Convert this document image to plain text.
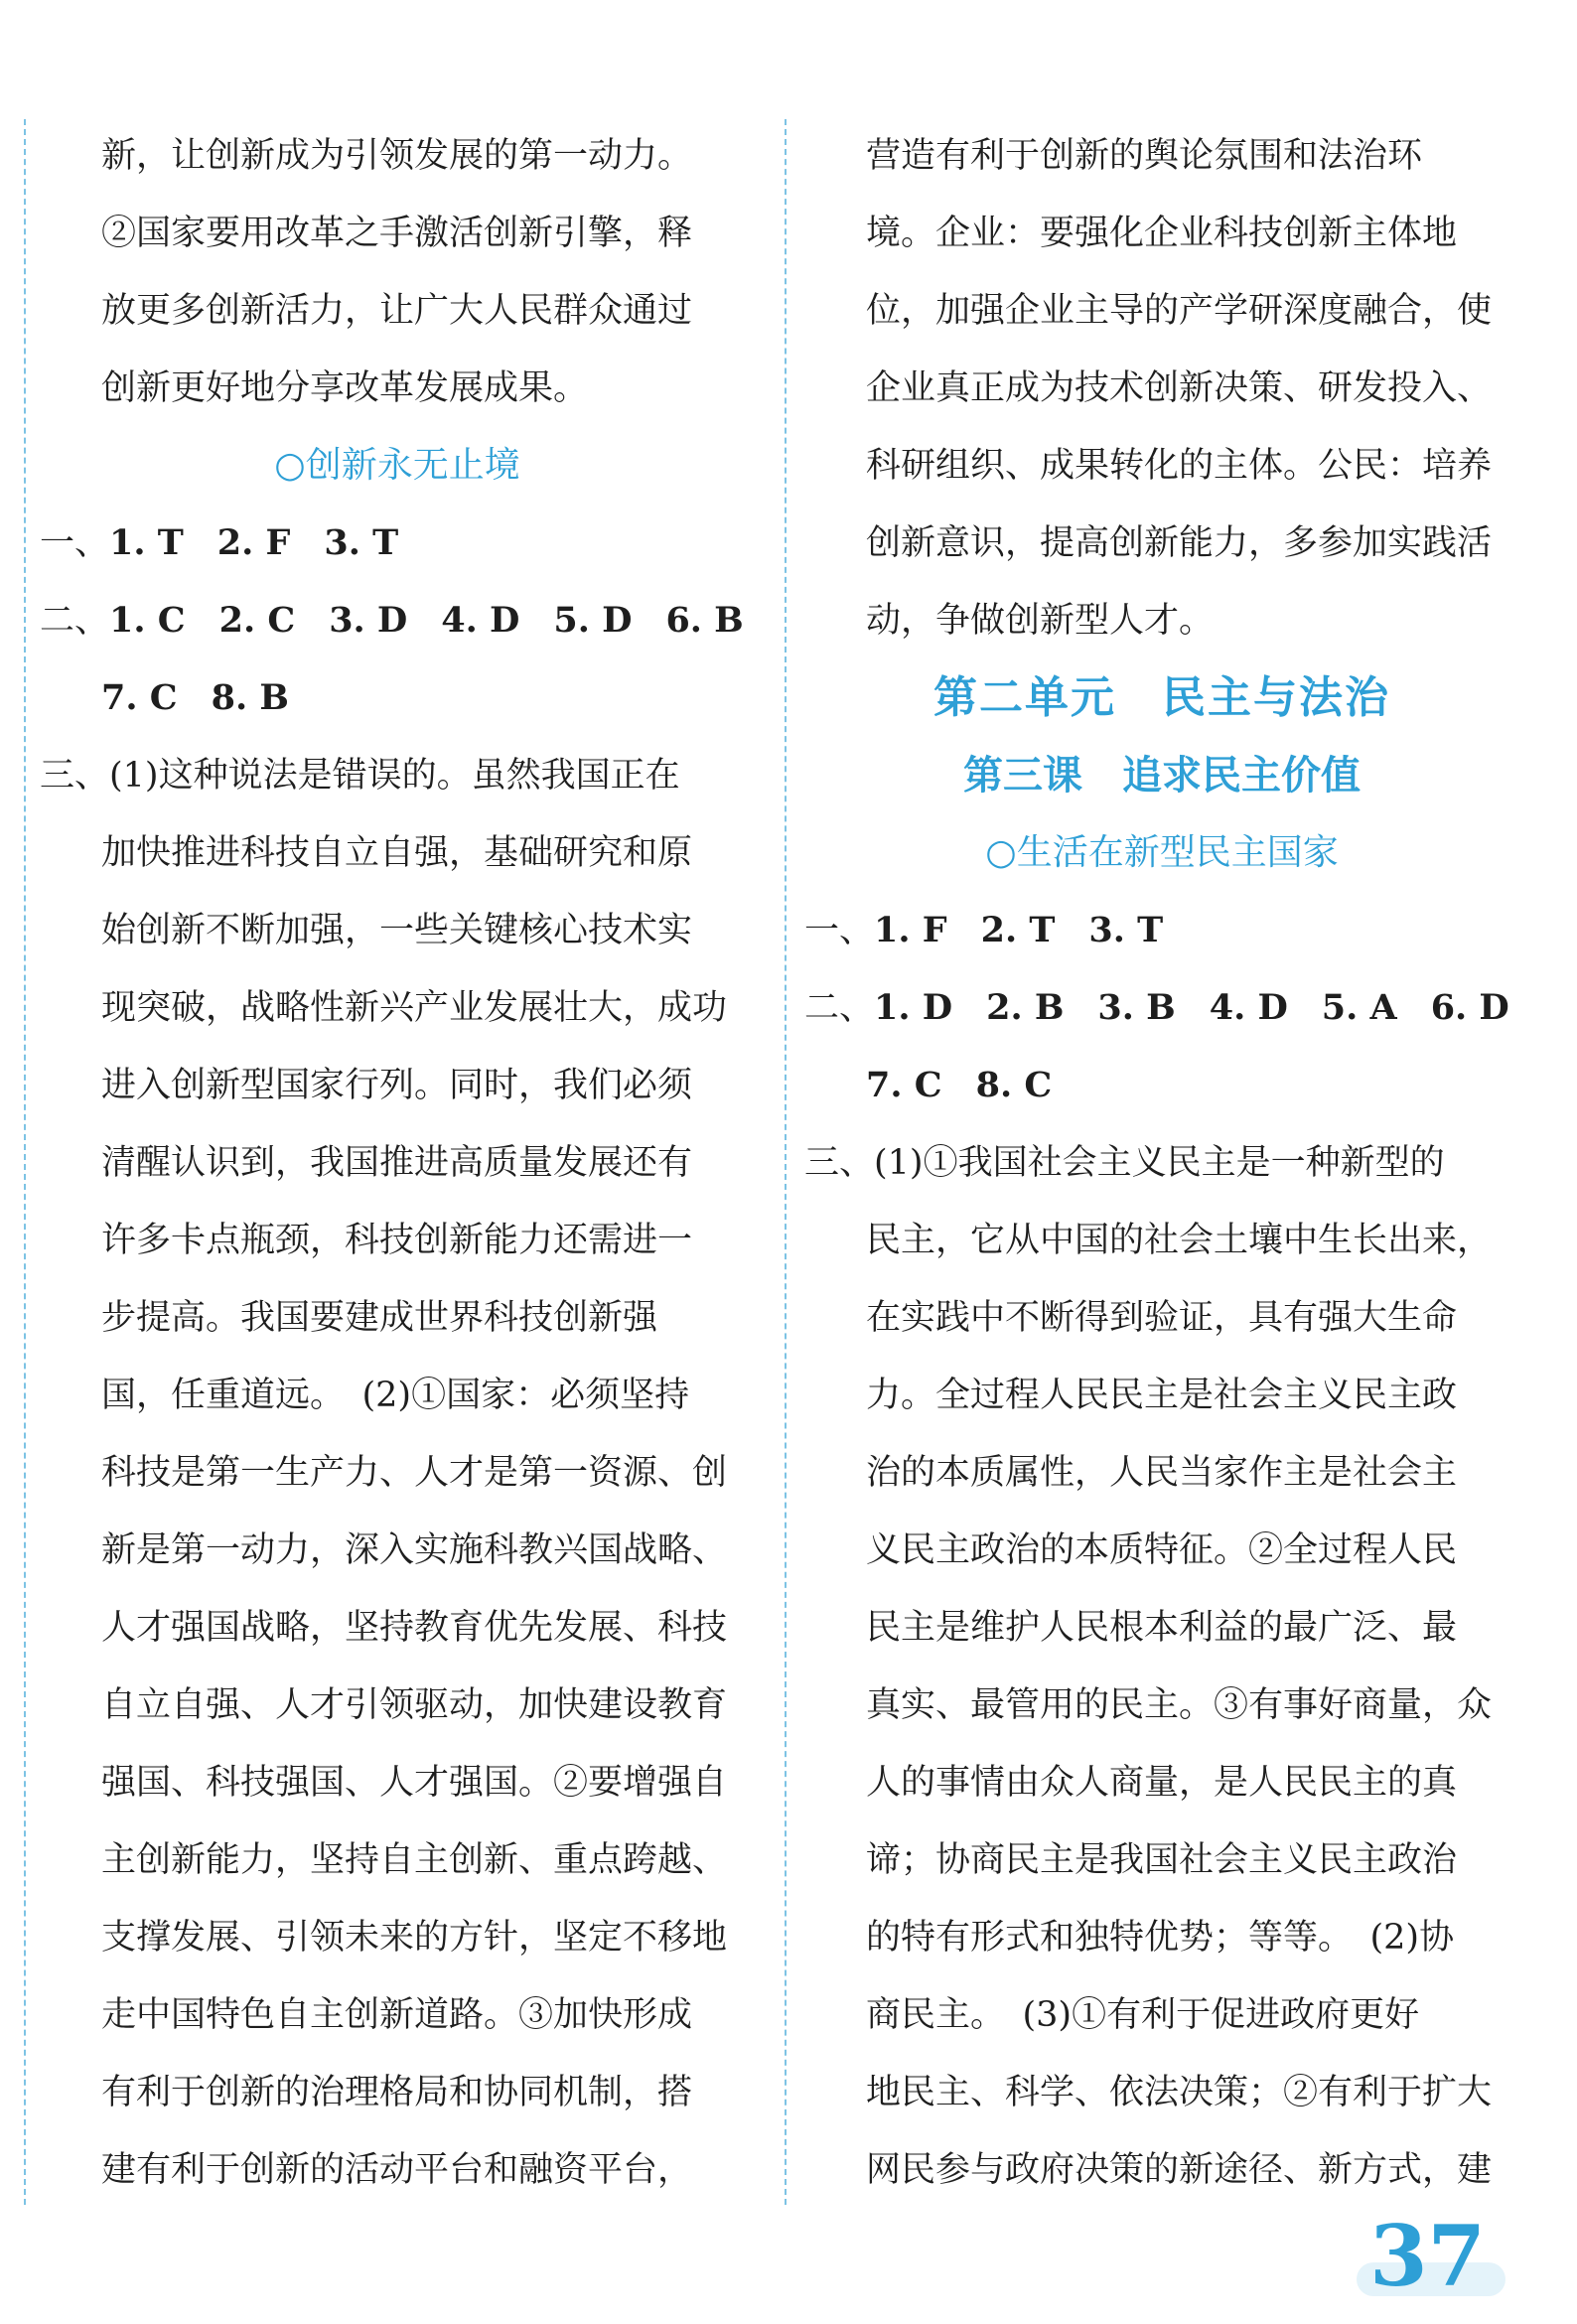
新，让创新成为引领发展的第一动力。
②国家要用改革之手激活创新引擎，释
放更多创新活力，让广大人民群众通过
创新更好地分享改革发展成果。
○创新永无止境
一、1. T 2. F 3. T
二、1. C 2. C 3. D 4. D 5. D 6. B
7. C 8. B
三、(1)这种说法是错误的。虽然我国正在
加快推进科技自立自强，基础研究和原
始创新不断加强，一些关键核心技术实
现突破，战略性新兴产业发展壮大，成功
进入创新型国家行列。同时，我们必须
清醒认识到，我国推进高质量发展还有
许多卡点瓶颈，科技创新能力还需进一
步提高。我国要建成世界科技创新强
国，任重道远。　(2)①国家：必须坚持
科技是第一生产力、人才是第一资源、创
新是第一动力，深入实施科教兴国战略、
人才强国战略，坚持教育优先发展、科技
自立自强、人才引领驱动，加快建设教育
强国、科技强国、人才强国。②要增强自
主创新能力，坚持自主创新、重点跨越、
支撑发展、引领未来的方针，坚定不移地
走中国特色自主创新道路。③加快形成
有利于创新的治理格局和协同机制，搭
建有利于创新的活动平台和融资平台，
营造有利于创新的舆论氛围和法治环
境。企业：要强化企业科技创新主体地
位，加强企业主导的产学研深度融合，使
企业真正成为技术创新决策、研发投入、
科研组织、成果转化的主体。公民：培养
创新意识，提高创新能力，多参加实践活
动，争做创新型人才。
第二单元　民主与法治
第三课　追求民主价值
○生活在新型民主国家
一、1. F 2. T 3. T
二、1. D 2. B 3. B 4. D 5. A 6. D
7. C 8. C
三、(1)①我国社会主义民主是一种新型的
民主，它从中国的社会土壤中生长出来，
在实践中不断得到验证，具有强大生命
力。全过程人民民主是社会主义民主政
治的本质属性，人民当家作主是社会主
义民主政治的本质特征。②全过程人民
民主是维护人民根本利益的最广泛、最
真实、最管用的民主。③有事好商量，众
人的事情由众人商量，是人民民主的真
谛；协商民主是我国社会主义民主政治
的特有形式和独特优势；等等。　(2)协
商民主。　(3)①有利于促进政府更好
地民主、科学、依法决策；②有利于扩大
网民参与政府决策的新途径、新方式，建
37
